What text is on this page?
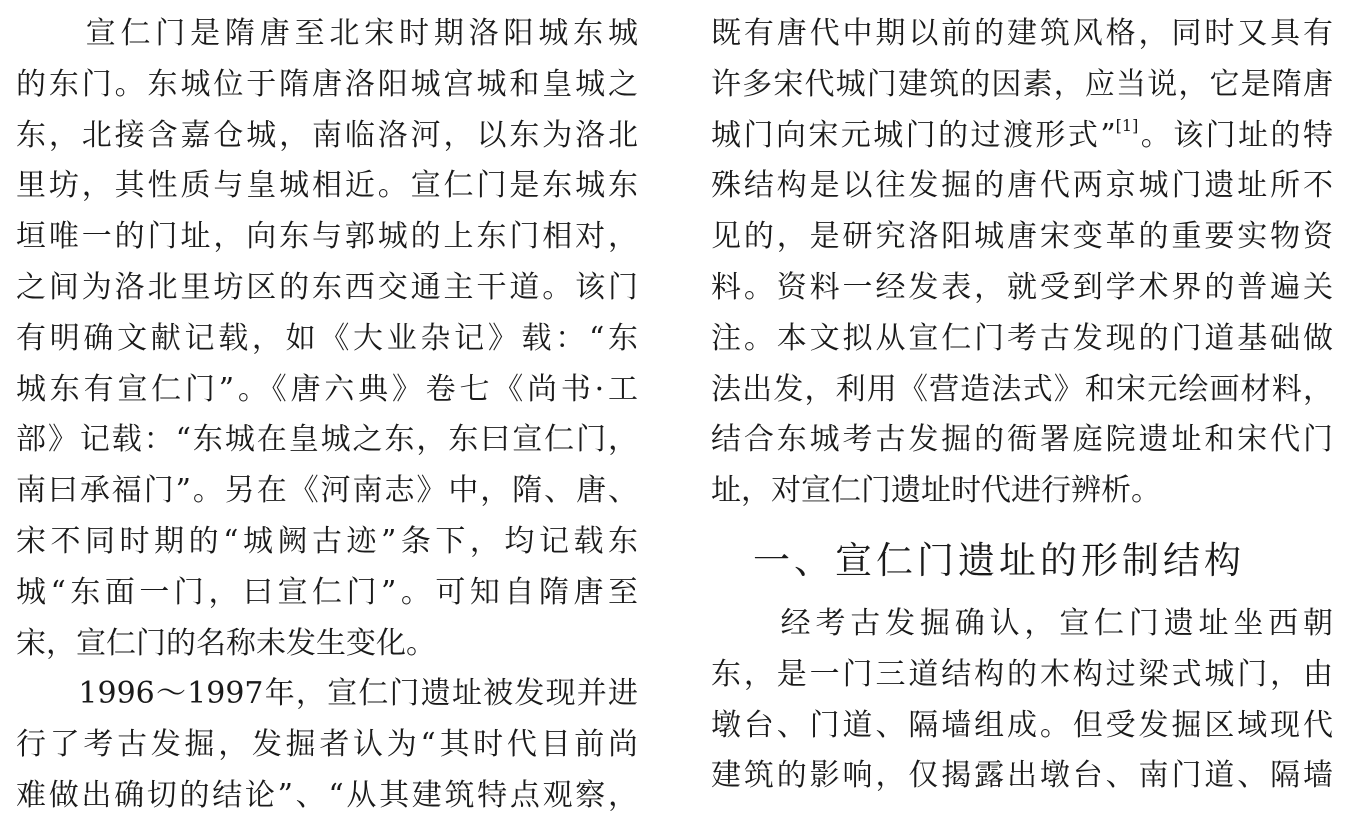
　　宣仁门是隋唐至北宋时期洛阳城东城
的东门。东城位于隋唐洛阳城宫城和皇城之
东，北接含嘉仓城，南临洛河，以东为洛北
里坊，其性质与皇城相近。宣仁门是东城东
垣唯一的门址，向东与郭城的上东门相对，
之间为洛北里坊区的东西交通主干道。该门
有明确文献记载，如《大业杂记》载：“东
城东有宣仁门”。《唐六典》卷七《尚书·工
部》记载：“东城在皇城之东，东曰宣仁门，
南曰承福门”。另在《河南志》中，隋、唐、
宋不同时期的“城阙古迹”条下，均记载东
城“东面一门，曰宣仁门”。可知自隋唐至
宋，宣仁门的名称未发生变化。
　　1996～1997年，宣仁门遗址被发现并进
行了考古发掘，发掘者认为“其时代目前尚
难做出确切的结论”、“从其建筑特点观察，
既有唐代中期以前的建筑风格，同时又具有
许多宋代城门建筑的因素，应当说，它是隋唐
城门向宋元城门的过渡形式”[1]。该门址的特
殊结构是以往发掘的唐代两京城门遗址所不
见的，是研究洛阳城唐宋变革的重要实物资
料。资料一经发表，就受到学术界的普遍关
注。本文拟从宣仁门考古发现的门道基础做
法出发，利用《营造法式》和宋元绘画材料，
结合东城考古发掘的衙署庭院遗址和宋代门
址，对宣仁门遗址时代进行辨析。
一、宣仁门遗址的形制结构
　　经考古发掘确认，宣仁门遗址坐西朝
东，是一门三道结构的木构过梁式城门，由
墩台、门道、隔墙组成。但受发掘区域现代
建筑的影响，仅揭露出墩台、南门道、隔墙
